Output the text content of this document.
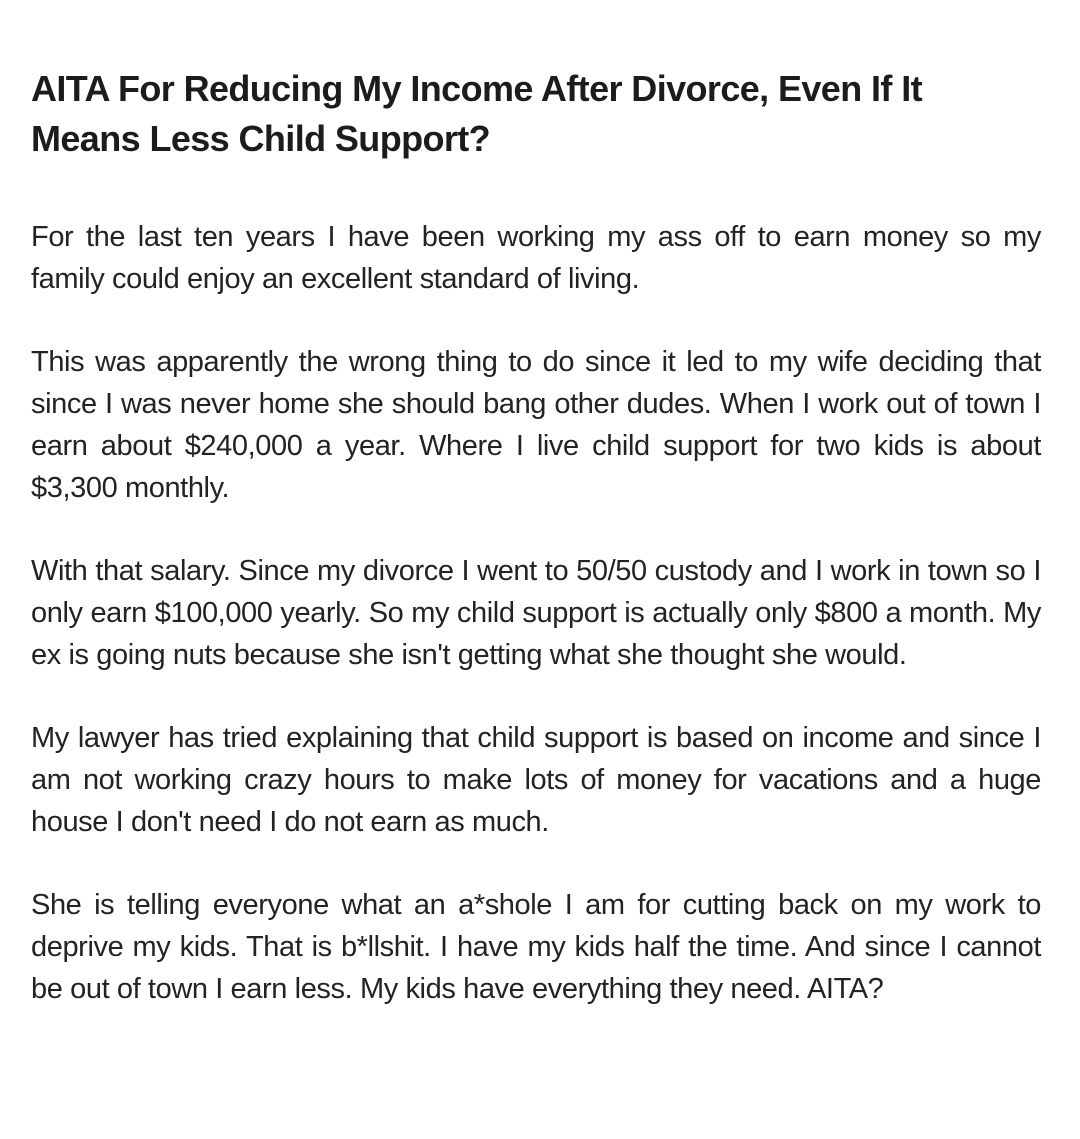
AITA For Reducing My Income After Divorce, Even If It Means Less Child Support?

For the last ten years I have been working my ass off to earn money so my family could enjoy an excellent standard of living.

This was apparently the wrong thing to do since it led to my wife deciding that since I was never home she should bang other dudes. When I work out of town I earn about $240,000 a year. Where I live child support for two kids is about $3,300 monthly.

With that salary. Since my divorce I went to 50/50 custody and I work in town so I only earn $100,000 yearly. So my child support is actually only $800 a month. My ex is going nuts because she isn't getting what she thought she would.

My lawyer has tried explaining that child support is based on income and since I am not working crazy hours to make lots of money for vacations and a huge house I don't need I do not earn as much.

She is telling everyone what an a*shole I am for cutting back on my work to deprive my kids. That is b*llshit. I have my kids half the time. And since I cannot be out of town I earn less. My kids have everything they need. AITA?
